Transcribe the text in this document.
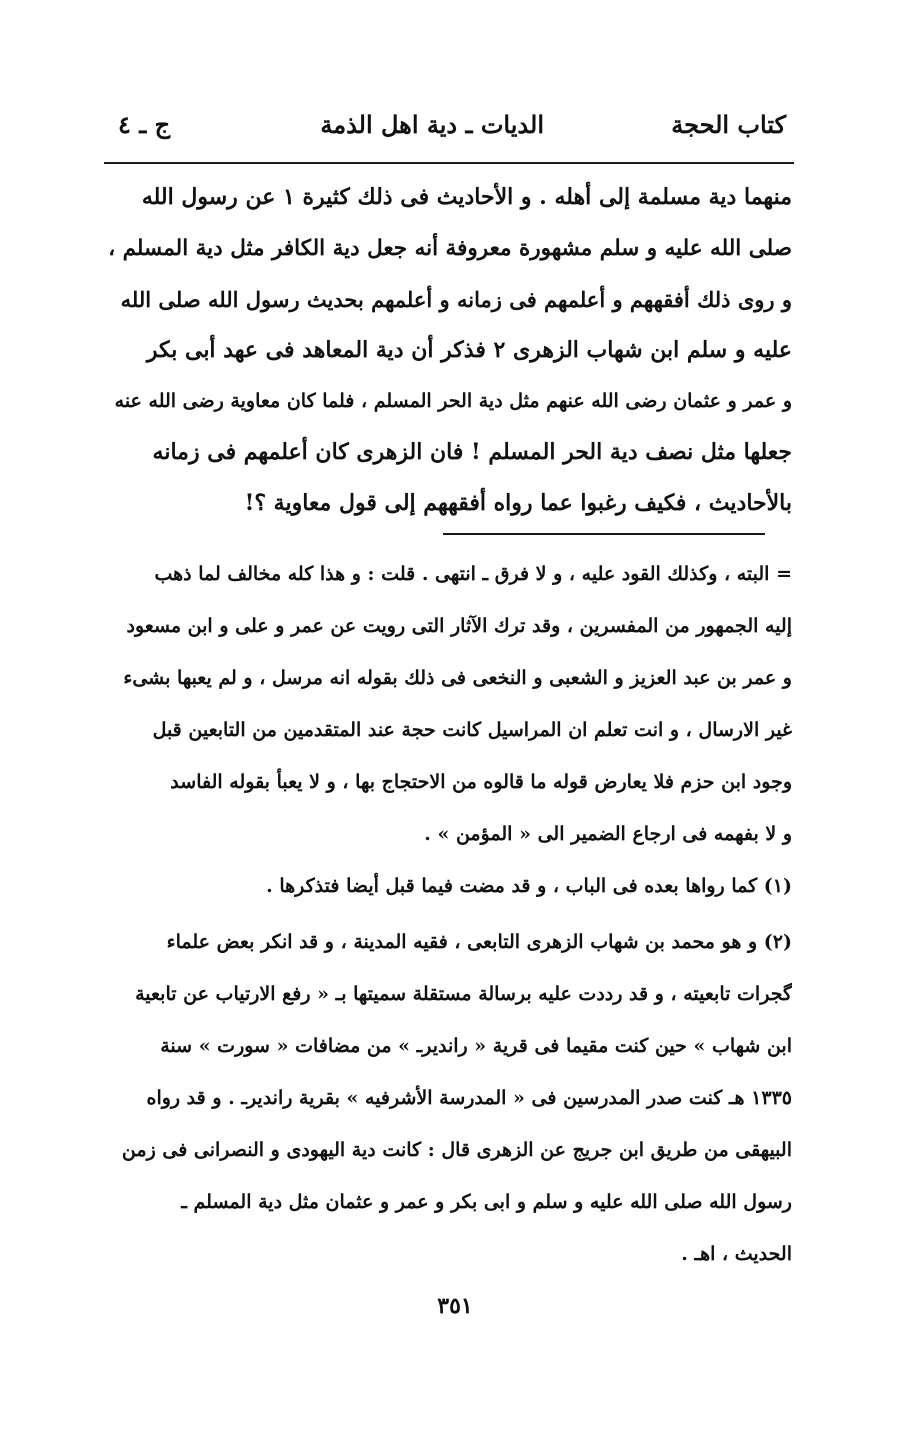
كتاب الحجة
الديات ـ دية اهل الذمة
ج ـ ٤

منهما دية مسلمة إلى أهله . و الأحاديث فى ذلك كثيرة ١ عن رسول الله

صلى الله عليه و سلم مشهورة معروفة أنه جعل دية الكافر مثل دية المسلم ،

و روى ذلك أفقههم و أعلمهم فى زمانه و أعلمهم بحديث رسول الله صلى الله

عليه و سلم ابن شهاب الزهرى ٢ فذكر أن دية المعاهد فى عهد أبى بكر

و عمر و عثمان رضى الله عنهم مثل دية الحر المسلم ، فلما كان معاوية رضى الله عنه

جعلها مثل نصف دية الحر المسلم ! فان الزهرى كان أعلمهم فى زمانه

بالأحاديث ، فكيف رغبوا عما رواه أفقههم إلى قول معاوية ؟!

= البته ، وكذلك القود عليه ، و لا فرق ـ انتهى . قلت : و هذا كله مخالف لما ذهب

إليه الجمهور من المفسرين ، وقد ترك الآثار التى رويت عن عمر و على و ابن مسعود

و عمر بن عبد العزيز و الشعبى و النخعى فى ذلك بقوله انه مرسل ، و لم يعبها بشىء

غير الارسال ، و انت تعلم ان المراسيل كانت حجة عند المتقدمين من التابعين قبل

وجود ابن حزم فلا يعارض قوله ما قالوه من الاحتجاج بها ، و لا يعبأ بقوله الفاسد

و لا بفهمه فى ارجاع الضمير الى « المؤمن » .

(١) كما رواها بعده فى الباب ، و قد مضت فيما قبل أيضا فتذكرها .

(٢) و هو محمد بن شهاب الزهرى التابعى ، فقيه المدينة ، و قد انكر بعض علماء

گجرات تابعيته ، و قد رددت عليه برسالة مستقلة سميتها بـ « رفع الارتياب عن تابعية

ابن شهاب » حين كنت مقيما فى قرية « رانديرـ » من مضافات « سورت » سنة

١٣٣٥ هـ كنت صدر المدرسين فى « المدرسة الأشرفيه » بقرية رانديرـ . و قد رواه

البيهقى من طريق ابن جريج عن الزهرى قال : كانت دية اليهودى و النصرانى فى زمن

رسول الله صلى الله عليه و سلم و ابى بكر و عمر و عثمان مثل دية المسلم ـ

الحديث ، اهـ .

٣٥١
